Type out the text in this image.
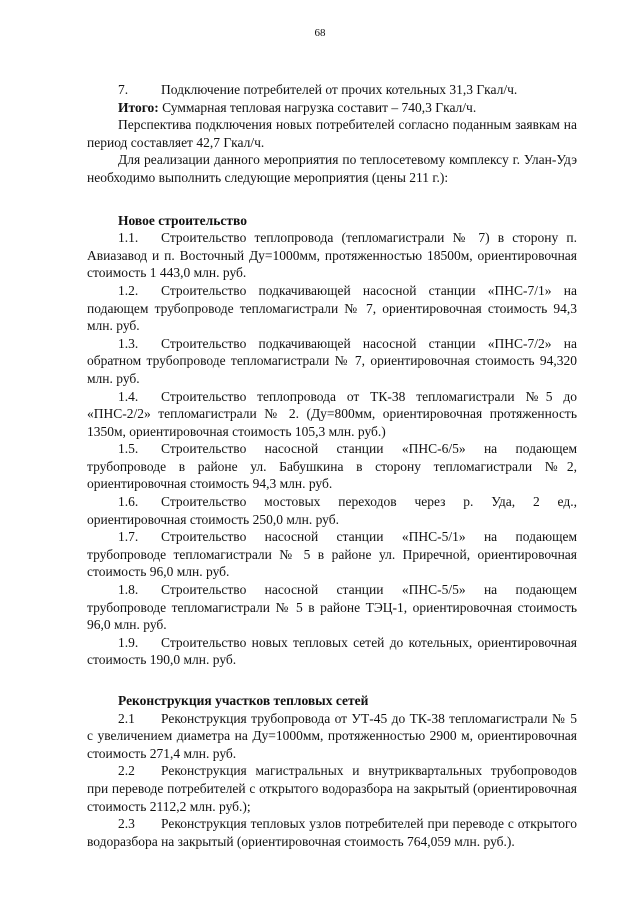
68

7. Подключение потребителей от прочих котельных 31,3 Гкал/ч.

Итого: Суммарная тепловая нагрузка составит – 740,3 Гкал/ч.

Перспектива подключения новых потребителей согласно поданным заявкам на период составляет 42,7 Гкал/ч.

Для реализации данного мероприятия по теплосетевому комплексу г. Улан-Удэ необходимо выполнить следующие мероприятия (цены 211 г.):

Новое строительство

1.1. Строительство теплопровода (тепломагистрали № 7) в сторону п. Авиазавод и п. Восточный Ду=1000мм, протяженностью 18500м, ориентировочная стоимость 1 443,0 млн. руб.

1.2. Строительство подкачивающей насосной станции «ПНС-7/1» на подающем трубопроводе тепломагистрали № 7, ориентировочная стоимость 94,3 млн. руб.

1.3. Строительство подкачивающей насосной станции «ПНС-7/2» на обратном трубопроводе тепломагистрали № 7, ориентировочная стоимость 94,320 млн. руб.

1.4. Строительство теплопровода от ТК-38 тепломагистрали №5 до «ПНС-2/2» тепломагистрали № 2. (Ду=800мм, ориентировочная протяженность 1350м, ориентировочная стоимость 105,3 млн. руб.)

1.5. Строительство насосной станции «ПНС-6/5» на подающем трубопроводе в районе ул. Бабушкина в сторону тепломагистрали №2, ориентировочная стоимость 94,3 млн. руб.

1.6. Строительство мостовых переходов через р. Уда, 2 ед., ориентировочная стоимость 250,0 млн. руб.

1.7. Строительство насосной станции «ПНС-5/1» на подающем трубопроводе тепломагистрали № 5 в районе ул. Приречной, ориентировочная стоимость 96,0 млн. руб.

1.8. Строительство насосной станции «ПНС-5/5» на подающем трубопроводе тепломагистрали № 5 в районе ТЭЦ-1, ориентировочная стоимость 96,0 млн. руб.

1.9. Строительство новых тепловых сетей до котельных, ориентировочная стоимость 190,0 млн. руб.

Реконструкция участков тепловых сетей

2.1 Реконструкция трубопровода от УТ-45 до ТК-38 тепломагистрали № 5 с увеличением диаметра на Ду=1000мм, протяженностью 2900 м, ориентировочная стоимость 271,4 млн. руб.

2.2 Реконструкция магистральных и внутриквартальных трубопроводов при переводе потребителей с открытого водоразбора на закрытый (ориентировочная стоимость 2112,2 млн. руб.);

2.3 Реконструкция тепловых узлов потребителей при переводе с открытого водоразбора на закрытый (ориентировочная стоимость 764,059 млн. руб.).
